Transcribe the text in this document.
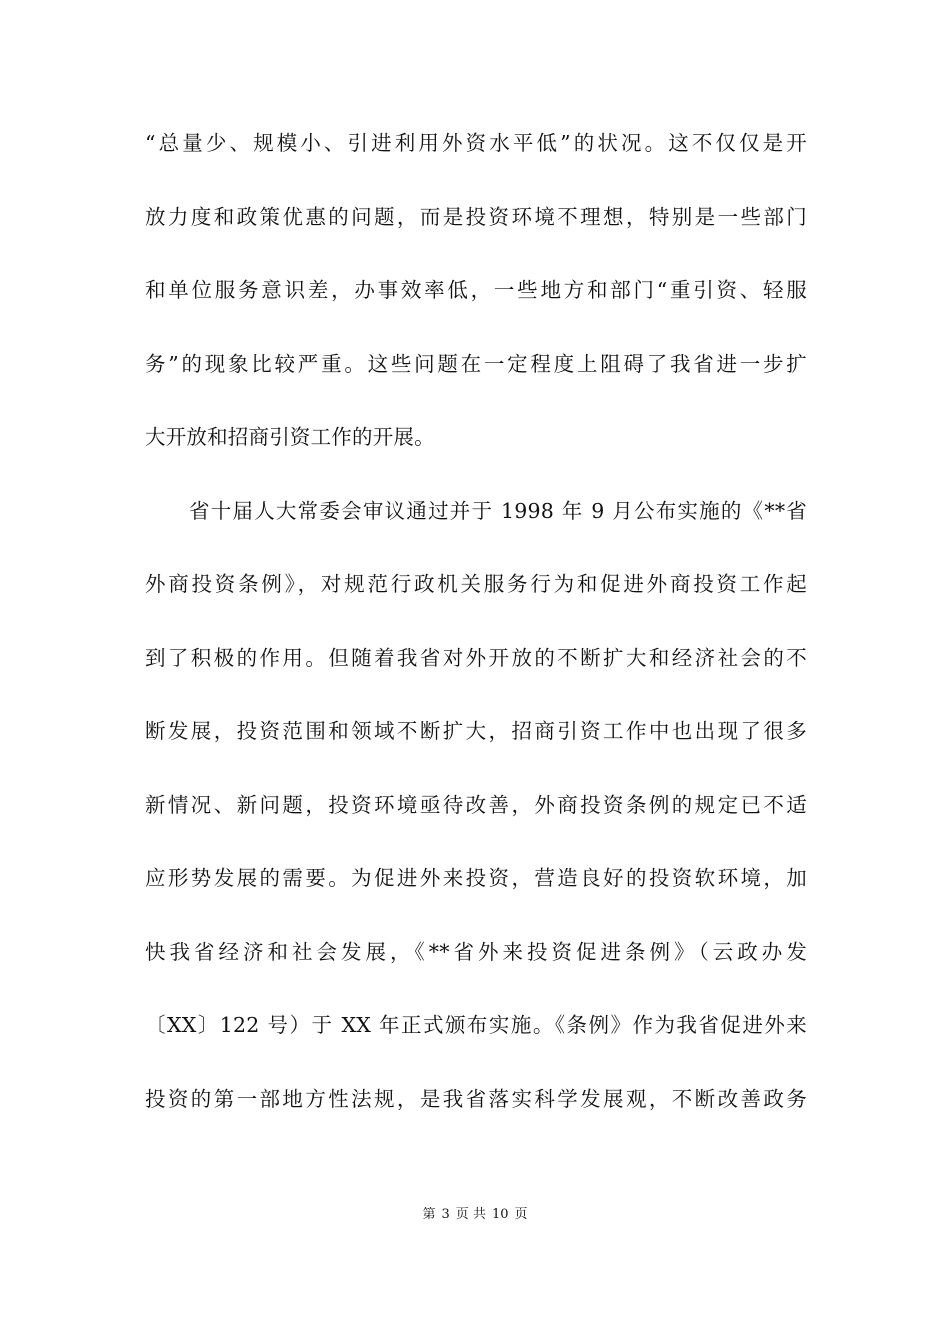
“总量少、规模小、引进利用外资水平低”的状况。这不仅仅是开
放力度和政策优惠的问题，而是投资环境不理想，特别是一些部门
和单位服务意识差，办事效率低，一些地方和部门“重引资、轻服
务”的现象比较严重。这些问题在一定程度上阻碍了我省进一步扩
大开放和招商引资工作的开展。
省十届人大常委会审议通过并于 1998 年 9 月公布实施的《**省
外商投资条例》，对规范行政机关服务行为和促进外商投资工作起
到了积极的作用。但随着我省对外开放的不断扩大和经济社会的不
断发展，投资范围和领域不断扩大，招商引资工作中也出现了很多
新情况、新问题，投资环境亟待改善，外商投资条例的规定已不适
应形势发展的需要。为促进外来投资，营造良好的投资软环境，加
快我省经济和社会发展，《**省外来投资促进条例》（云政办发
〔XX〕122 号）于 XX 年正式颁布实施。《条例》作为我省促进外来
投资的第一部地方性法规，是我省落实科学发展观，不断改善政务
第 3 页 共 10 页
